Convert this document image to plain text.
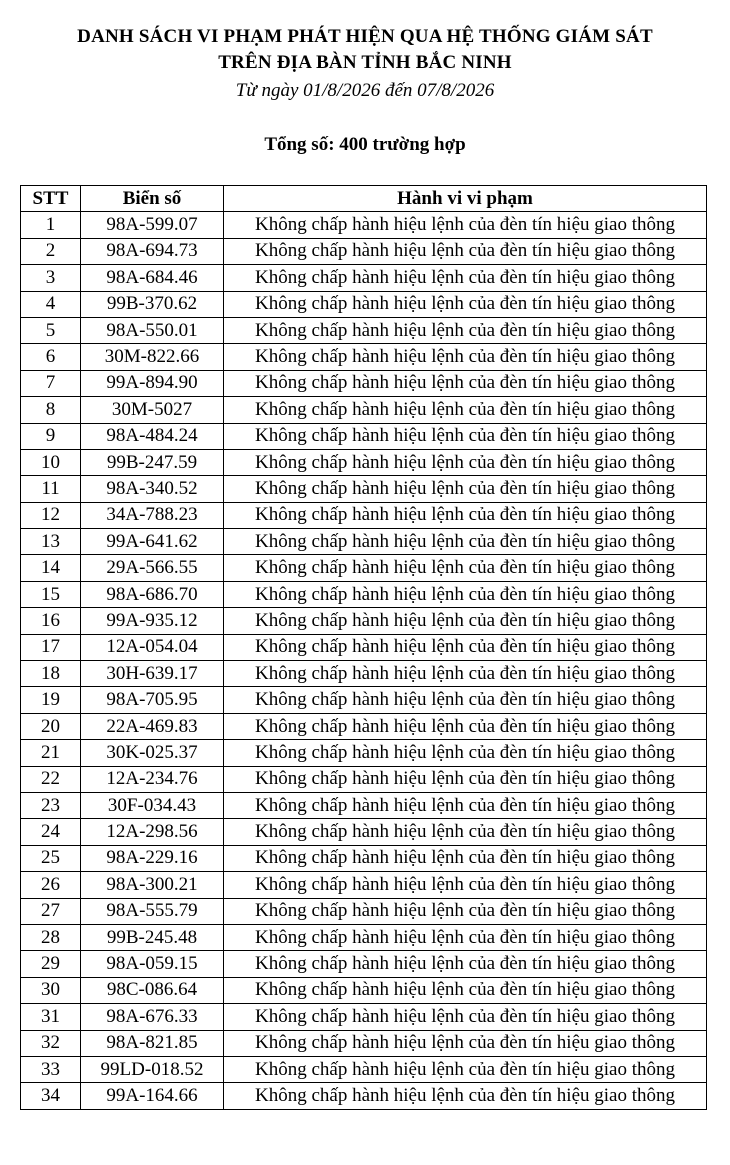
DANH SÁCH VI PHẠM PHÁT HIỆN QUA HỆ THỐNG GIÁM SÁT
TRÊN ĐỊA BÀN TỈNH BẮC NINH
Từ ngày 01/8/2026 đến 07/8/2026
Tổng số: 400 trường hợp
STT	Biển số	Hành vi vi phạm
1	98A-599.07	Không chấp hành hiệu lệnh của đèn tín hiệu giao thông
2	98A-694.73	Không chấp hành hiệu lệnh của đèn tín hiệu giao thông
3	98A-684.46	Không chấp hành hiệu lệnh của đèn tín hiệu giao thông
4	99B-370.62	Không chấp hành hiệu lệnh của đèn tín hiệu giao thông
5	98A-550.01	Không chấp hành hiệu lệnh của đèn tín hiệu giao thông
6	30M-822.66	Không chấp hành hiệu lệnh của đèn tín hiệu giao thông
7	99A-894.90	Không chấp hành hiệu lệnh của đèn tín hiệu giao thông
8	30M-5027	Không chấp hành hiệu lệnh của đèn tín hiệu giao thông
9	98A-484.24	Không chấp hành hiệu lệnh của đèn tín hiệu giao thông
10	99B-247.59	Không chấp hành hiệu lệnh của đèn tín hiệu giao thông
11	98A-340.52	Không chấp hành hiệu lệnh của đèn tín hiệu giao thông
12	34A-788.23	Không chấp hành hiệu lệnh của đèn tín hiệu giao thông
13	99A-641.62	Không chấp hành hiệu lệnh của đèn tín hiệu giao thông
14	29A-566.55	Không chấp hành hiệu lệnh của đèn tín hiệu giao thông
15	98A-686.70	Không chấp hành hiệu lệnh của đèn tín hiệu giao thông
16	99A-935.12	Không chấp hành hiệu lệnh của đèn tín hiệu giao thông
17	12A-054.04	Không chấp hành hiệu lệnh của đèn tín hiệu giao thông
18	30H-639.17	Không chấp hành hiệu lệnh của đèn tín hiệu giao thông
19	98A-705.95	Không chấp hành hiệu lệnh của đèn tín hiệu giao thông
20	22A-469.83	Không chấp hành hiệu lệnh của đèn tín hiệu giao thông
21	30K-025.37	Không chấp hành hiệu lệnh của đèn tín hiệu giao thông
22	12A-234.76	Không chấp hành hiệu lệnh của đèn tín hiệu giao thông
23	30F-034.43	Không chấp hành hiệu lệnh của đèn tín hiệu giao thông
24	12A-298.56	Không chấp hành hiệu lệnh của đèn tín hiệu giao thông
25	98A-229.16	Không chấp hành hiệu lệnh của đèn tín hiệu giao thông
26	98A-300.21	Không chấp hành hiệu lệnh của đèn tín hiệu giao thông
27	98A-555.79	Không chấp hành hiệu lệnh của đèn tín hiệu giao thông
28	99B-245.48	Không chấp hành hiệu lệnh của đèn tín hiệu giao thông
29	98A-059.15	Không chấp hành hiệu lệnh của đèn tín hiệu giao thông
30	98C-086.64	Không chấp hành hiệu lệnh của đèn tín hiệu giao thông
31	98A-676.33	Không chấp hành hiệu lệnh của đèn tín hiệu giao thông
32	98A-821.85	Không chấp hành hiệu lệnh của đèn tín hiệu giao thông
33	99LD-018.52	Không chấp hành hiệu lệnh của đèn tín hiệu giao thông
34	99A-164.66	Không chấp hành hiệu lệnh của đèn tín hiệu giao thông
